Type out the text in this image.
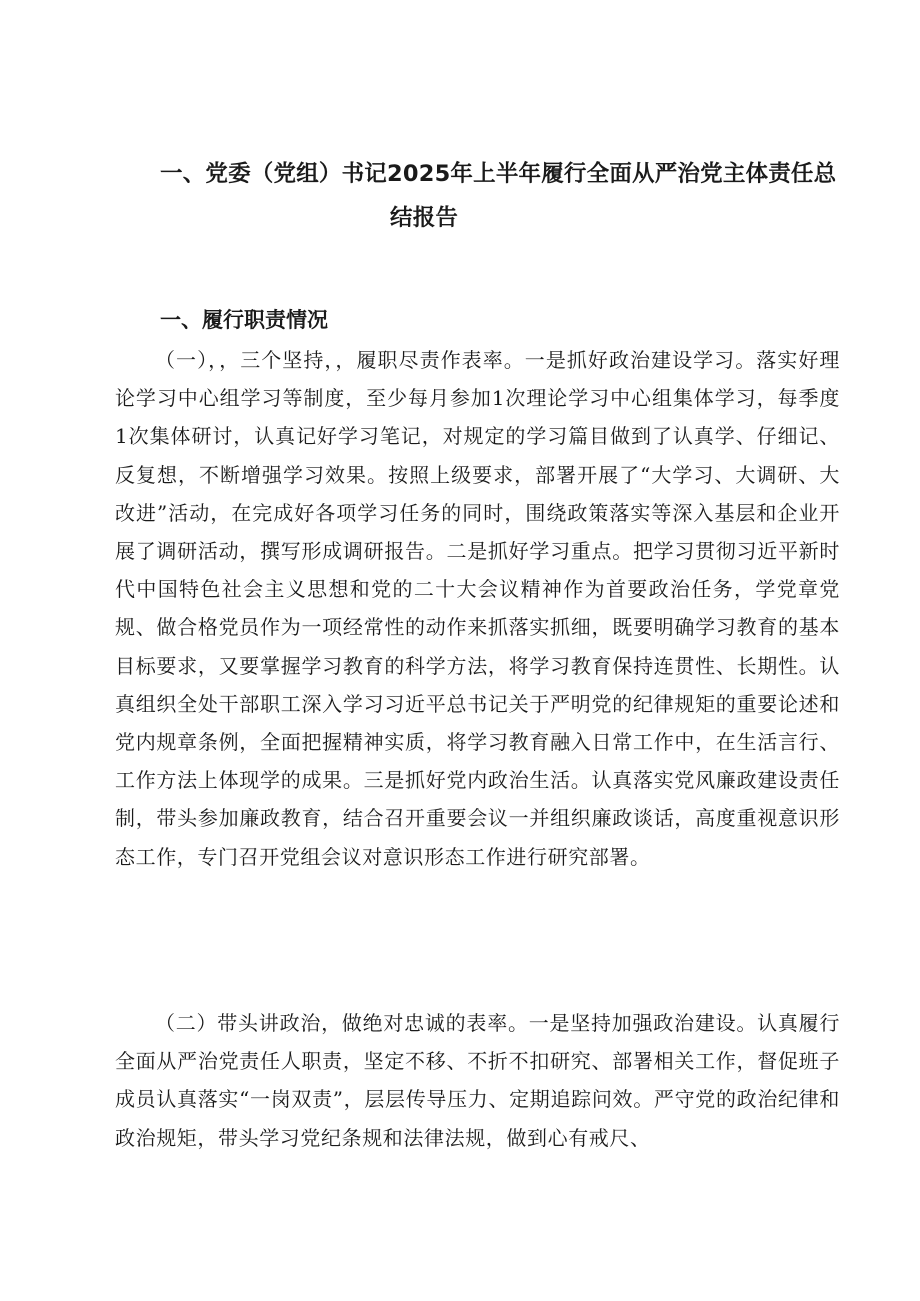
一、党委（党组）书记2025年上半年履行全面从严治党主体责任总
结报告
一、履行职责情况

（一），，三个坚持，，履职尽责作表率。一是抓好政治建设学习。落实好理论学习中心组学习等制度，至少每月参加1次理论学习中心组集体学习，每季度1次集体研讨，认真记好学习笔记，对规定的学习篇目做到了认真学、仔细记、反复想，不断增强学习效果。按照上级要求，部署开展了“大学习、大调研、大改进”活动，在完成好各项学习任务的同时，围绕政策落实等深入基层和企业开展了调研活动，撰写形成调研报告。二是抓好学习重点。把学习贯彻习近平新时代中国特色社会主义思想和党的二十大会议精神作为首要政治任务，学党章党规、做合格党员作为一项经常性的动作来抓落实抓细，既要明确学习教育的基本目标要求，又要掌握学习教育的科学方法，将学习教育保持连贯性、长期性。认真组织全处干部职工深入学习习近平总书记关于严明党的纪律规矩的重要论述和党内规章条例，全面把握精神实质，将学习教育融入日常工作中，在生活言行、工作方法上体现学的成果。三是抓好党内政治生活。认真落实党风廉政建设责任制，带头参加廉政教育，结合召开重要会议一并组织廉政谈话，高度重视意识形态工作，专门召开党组会议对意识形态工作进行研究部署。

（二）带头讲政治，做绝对忠诚的表率。一是坚持加强政治建设。认真履行全面从严治党责任人职责，坚定不移、不折不扣研究、部署相关工作，督促班子成员认真落实“一岗双责”，层层传导压力、定期追踪问效。严守党的政治纪律和政治规矩，带头学习党纪条规和法律法规，做到心有戒尺、
